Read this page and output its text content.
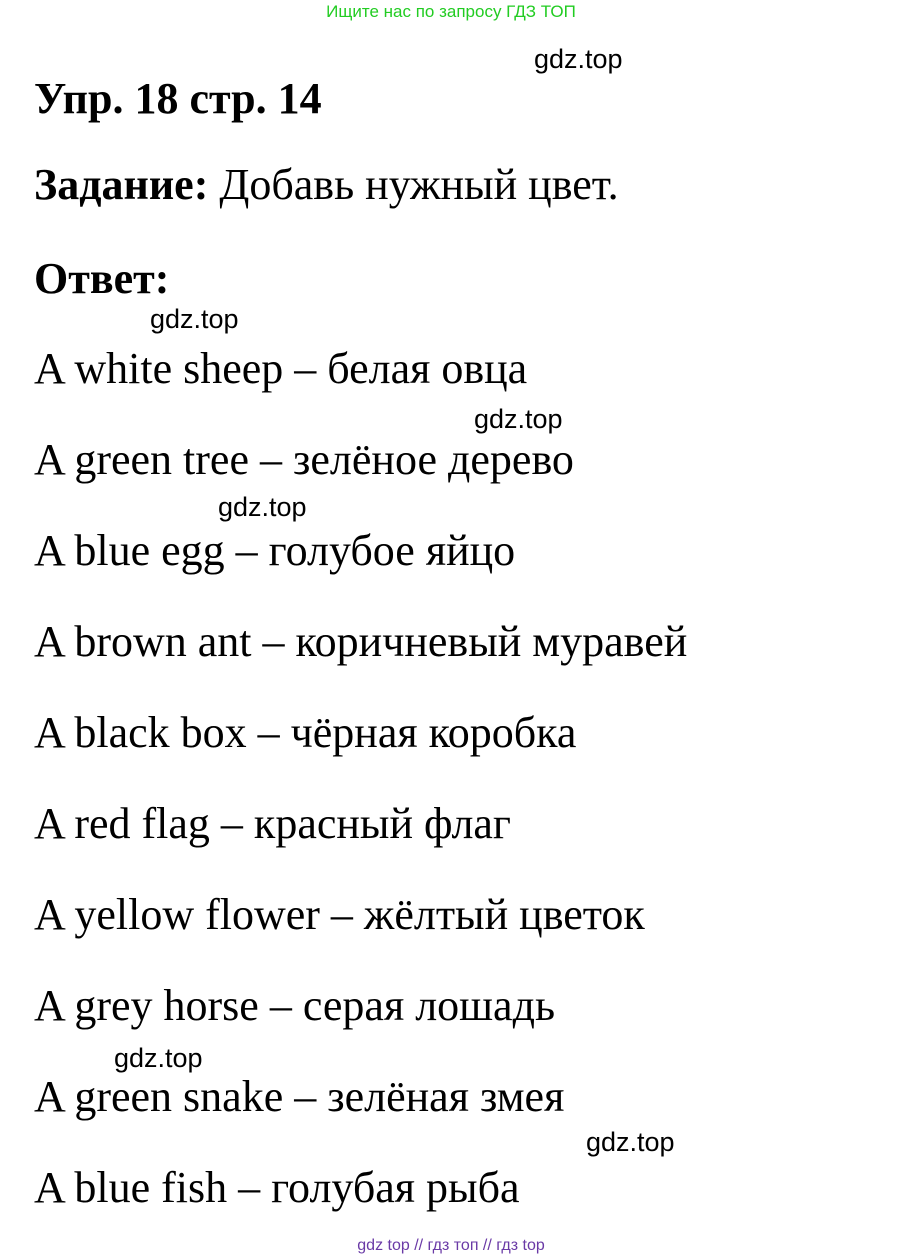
Ищите нас по запросу ГДЗ ТОП
gdz.top
Упр. 18 стр. 14
Задание: Добавь нужный цвет.
Ответ:
gdz.top
A white sheep – белая овца
gdz.top
A green tree – зелёное дерево
gdz.top
A blue egg – голубое яйцо
A brown ant – коричневый муравей
A black box – чёрная коробка
A red flag – красный флаг
A yellow flower – жёлтый цветок
A grey horse – серая лошадь
gdz.top
A green snake – зелёная змея
gdz.top
A blue fish – голубая рыба
gdz top // гдз топ // гдз top
